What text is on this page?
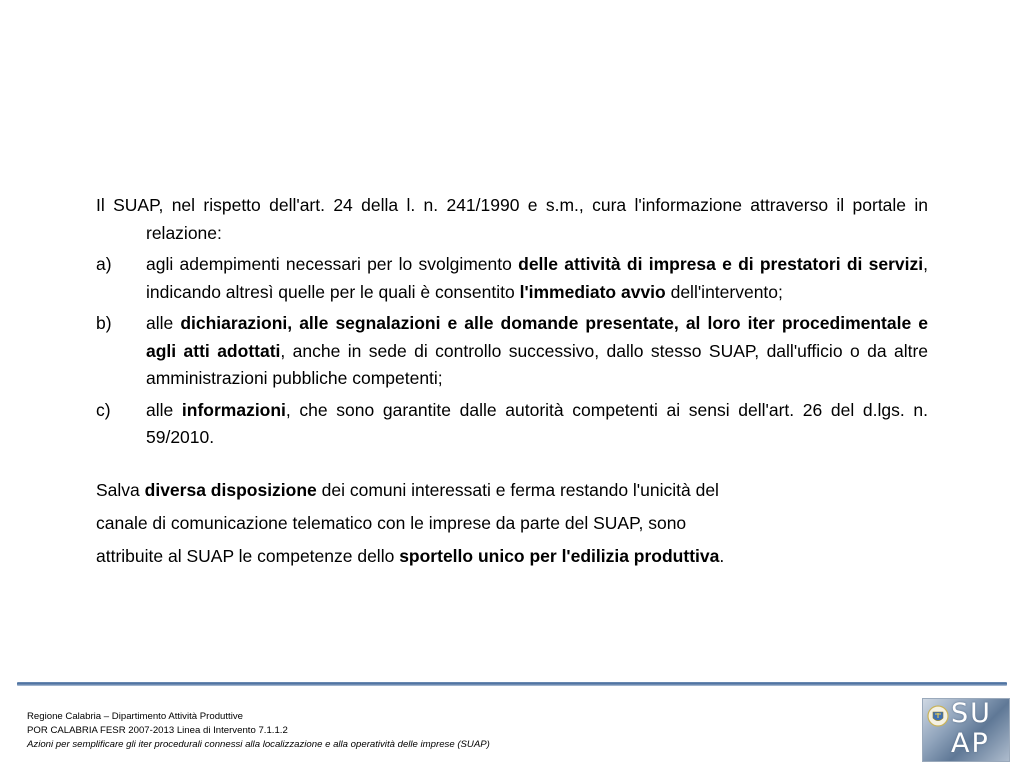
Il SUAP, nel rispetto dell'art. 24 della l. n. 241/1990 e s.m., cura l'informazione attraverso il portale in relazione:

a) agli adempimenti necessari per lo svolgimento delle attività di impresa e di prestatori di servizi, indicando altresì quelle per le quali è consentito l'immediato avvio dell'intervento;
b) alle dichiarazioni, alle segnalazioni e alle domande presentate, al loro iter procedimentale e agli atti adottati, anche in sede di controllo successivo, dallo stesso SUAP, dall'ufficio o da altre amministrazioni pubbliche competenti;
c) alle informazioni, che sono garantite dalle autorità competenti ai sensi dell'art. 26 del d.lgs. n. 59/2010.
Salva diversa disposizione dei comuni interessati e ferma restando l'unicità del
canale di comunicazione telematico con le imprese da parte del SUAP, sono
attribuite al SUAP le competenze dello sportello unico per l'edilizia produttiva.
Regione Calabria – Dipartimento Attività Produttive
POR CALABRIA FESR 2007-2013 Linea di Intervento 7.1.1.2
Azioni per semplificare gli iter procedurali connessi alla localizzazione e alla operatività delle imprese (SUAP)
SU
AP
